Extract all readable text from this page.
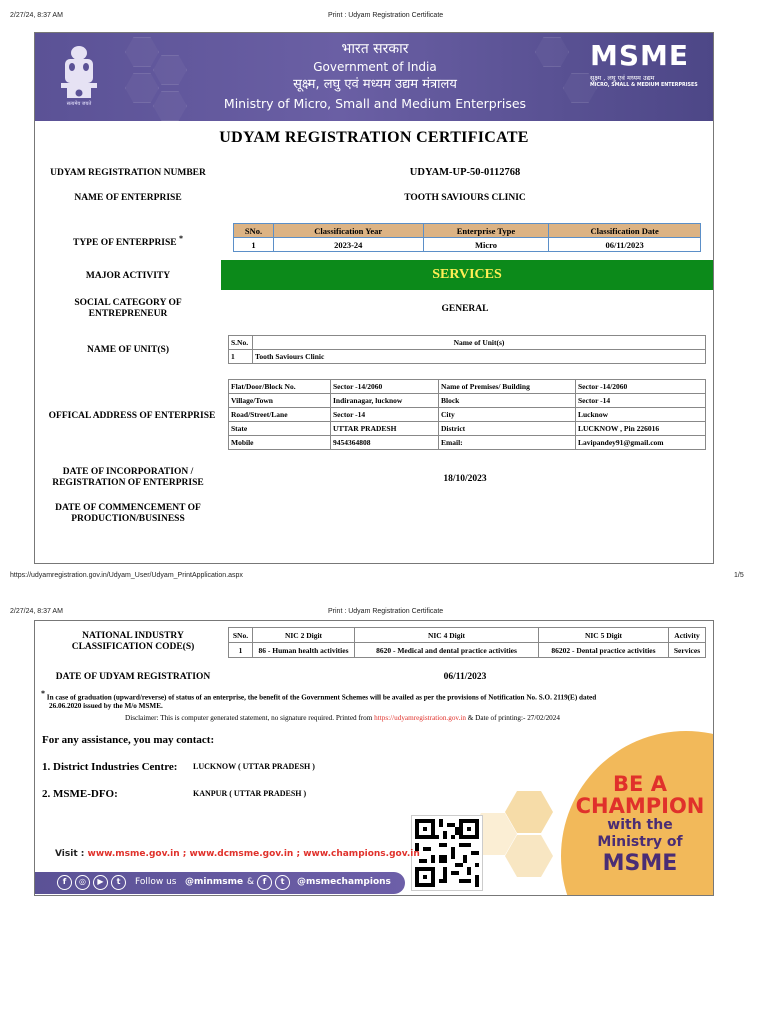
2/27/24, 8:37 AM	Print : Udyam Registration Certificate
सत्यमेव जयते
भारत सरकार
Government of India
सूक्ष्म, लघु एवं मध्यम उद्यम मंत्रालय
Ministry of Micro, Small and Medium Enterprises
MSME
सूक्ष्म , लघु एवं मध्यम उद्यम
MICRO, SMALL & MEDIUM ENTERPRISES
UDYAM REGISTRATION CERTIFICATE
UDYAM REGISTRATION NUMBER	UDYAM-UP-50-0112768
NAME OF ENTERPRISE	TOOTH SAVIOURS CLINIC
TYPE OF ENTERPRISE *
SNo.	Classification Year	Enterprise Type	Classification Date
1	2023-24	Micro	06/11/2023
MAJOR ACTIVITY	SERVICES
SOCIAL CATEGORY OF
ENTREPRENEUR	GENERAL
NAME OF UNIT(S)
S.No.	Name of Unit(s)
1	Tooth Saviours Clinic
OFFICAL ADDRESS OF ENTERPRISE
Flat/Door/Block No.	Sector -14/2060	Name of Premises/ Building	Sector -14/2060
Village/Town	Indiranagar, lucknow	Block	Sector -14
Road/Street/Lane	Sector -14	City	Lucknow
State	UTTAR PRADESH	District	LUCKNOW , Pin 226016
Mobile	9454364808	Email:	Lavipandey91@gmail.com
DATE OF INCORPORATION /
REGISTRATION OF ENTERPRISE	18/10/2023
DATE OF COMMENCEMENT OF
PRODUCTION/BUSINESS
https://udyamregistration.gov.in/Udyam_User/Udyam_PrintApplication.aspx	1/5
2/27/24, 8:37 AM	Print : Udyam Registration Certificate
NATIONAL INDUSTRY
CLASSIFICATION CODE(S)
SNo.	NIC 2 Digit	NIC 4 Digit	NIC 5 Digit	Activity
1	86 - Human health activities	8620 - Medical and dental practice activities	86202 - Dental practice activities	Services
DATE OF UDYAM REGISTRATION	06/11/2023
* In case of graduation (upward/reverse) of status of an enterprise, the benefit of the Government Schemes will be availed as per the provisions of Notification No. S.O. 2119(E) dated
26.06.2020 issued by the M/o MSME.
Disclaimer: This is computer generated statement, no signature required. Printed from https://udyamregistration.gov.in & Date of printing:- 27/02/2024
For any assistance, you may contact:
1. District Industries Centre: LUCKNOW ( UTTAR PRADESH )
2. MSME-DFO:	KANPUR ( UTTAR PRADESH )	BE A
CHAMPION
with the
Ministry of
MSME
Visit : www.msme.gov.in ; www.dcmsme.gov.in ; www.champions.gov.in
f	◎	▶	t	Follow us @minmsme &	f	t	@msmechampions
